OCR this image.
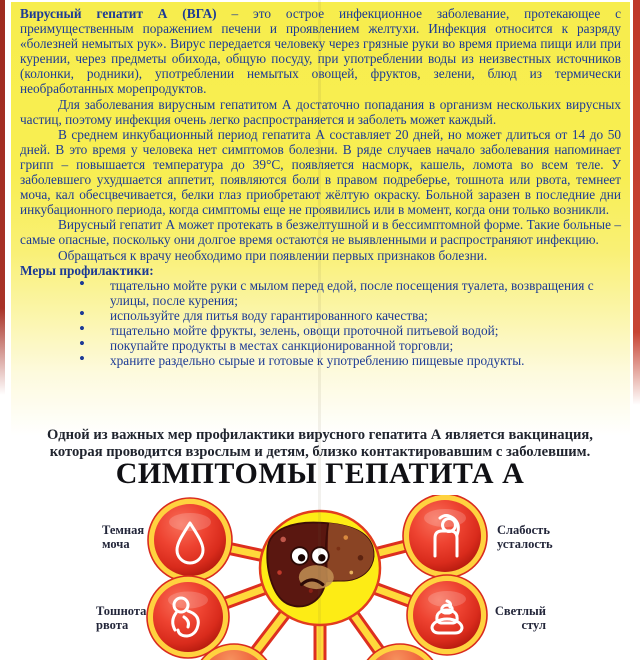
Вирусный гепатит А (ВГА) – это острое инфекционное заболевание, протекающее с преимущественным поражением печени и проявлением желтухи. Инфекция относится к разряду «болезней немытых рук». Вирус передается человеку через грязные руки во время приема пищи или при курении, через предметы обихода, общую посуду, при употреблении воды из неизвестных источников (колонки, родники), употреблении немытых овощей, фруктов, зелени, блюд из термически необработанных морепродуктов.

Для заболевания вирусным гепатитом А достаточно попадания в организм нескольких вирусных частиц, поэтому инфекция очень легко распространяется и заболеть может каждый.

В среднем инкубационный период гепатита А составляет 20 дней, но может длиться от 14 до 50 дней. В это время у человека нет симптомов болезни. В ряде случаев начало заболевания напоминает грипп – повышается температура до 39°С, появляется насморк, кашель, ломота во всем теле. У заболевшего ухудшается аппетит, появляются боли в правом подреберье, тошнота или рвота, темнеет моча, кал обесцвечивается, белки глаз приобретают жёлтую окраску. Больной заразен в последние дни инкубационного периода, когда симптомы еще не проявились или в момент, когда они только возникли.

Вирусный гепатит А может протекать в безжелтушной и в бессимптомной форме. Такие больные – самые опасные, поскольку они долгое время остаются не выявленными и распространяют инфекцию.

Обращаться к врачу необходимо при появлении первых признаков болезни.

Меры профилактики:

• тщательно мойте руки с мылом перед едой, после посещения туалета, возвращения с улицы, после курения;
• используйте для питья воду гарантированного качества;
• тщательно мойте фрукты, зелень, овощи проточной питьевой водой;
• покупайте продукты в местах санкционированной торговли;
• храните раздельно сырые и готовые к употреблению пищевые продукты.
Одной из важных мер профилактики вирусного гепатита А является вакцинация, которая проводится взрослым и детям, близко контактировавшим с заболевшим.
СИМПТОМЫ ГЕПАТИТА А
Темная
моча
Слабость
усталость
Тошнота
рвота
Светлый
стул
